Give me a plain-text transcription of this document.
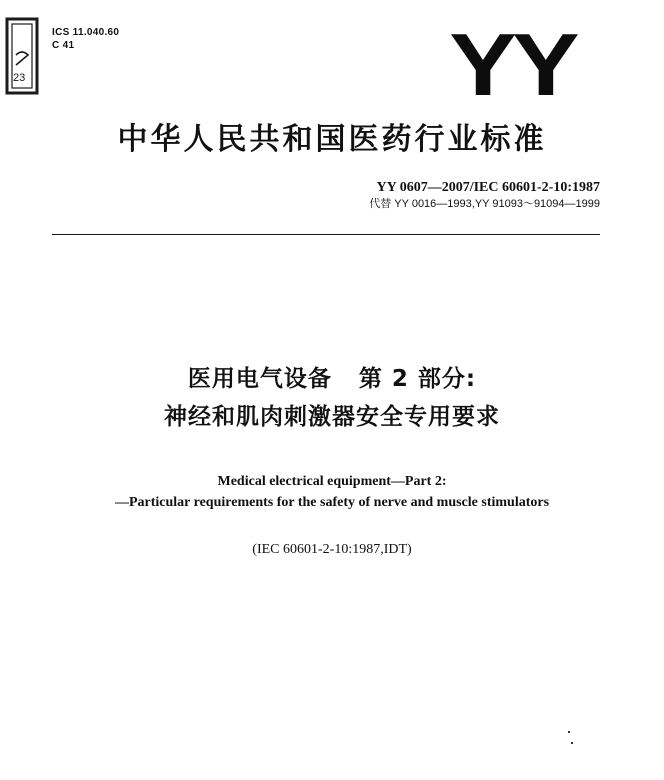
23
ICS 11.040.60
C 41	YY
中华人民共和国医药行业标准
YY 0607—2007/IEC 60601-2-10:1987
代替 YY 0016—1993,YY 91093～91094—1999
医用电气设备   第 2 部分:
神经和肌肉刺激器安全专用要求
Medical electrical equipment—Part 2:
—Particular requirements for the safety of nerve and muscle stimulators
(IEC 60601-2-10:1987,IDT)
